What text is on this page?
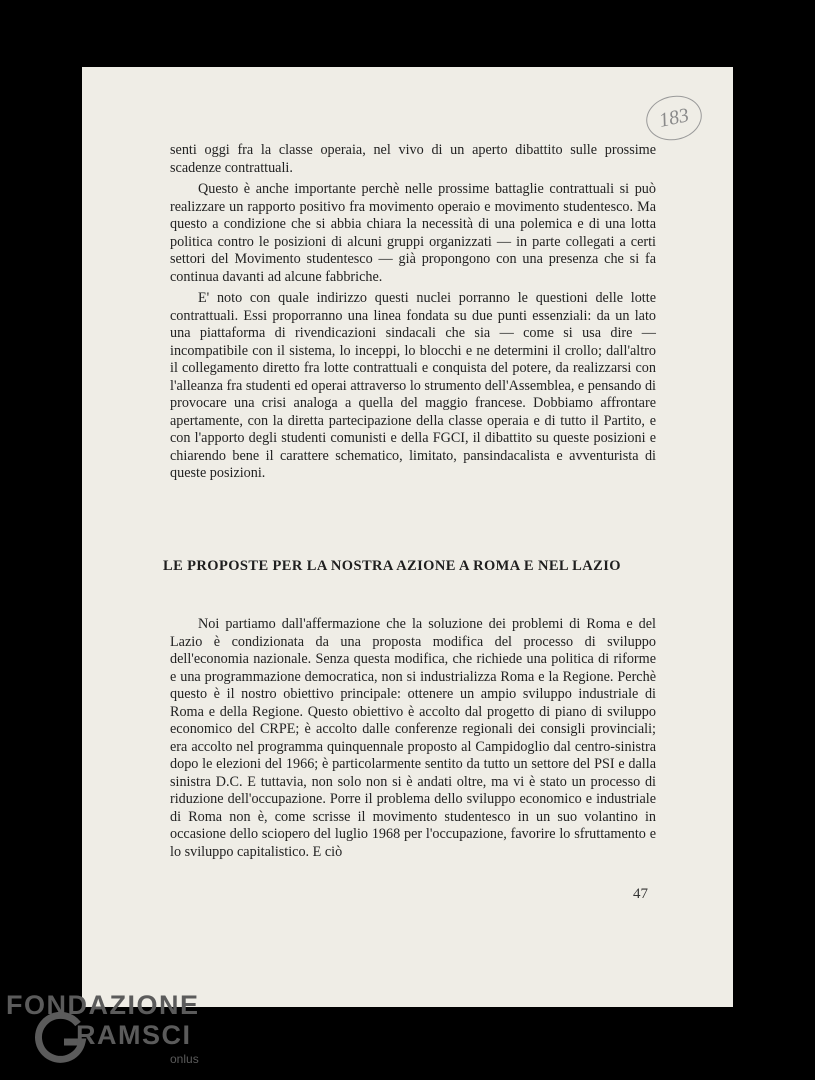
183

senti oggi fra la classe operaia, nel vivo di un aperto dibattito sulle prossime scadenze contrattuali.

Questo è anche importante perchè nelle prossime battaglie contrattuali si può realizzare un rapporto positivo fra movimento operaio e movimento studentesco. Ma questo a condizione che si abbia chiara la necessità di una polemica e di una lotta politica contro le posizioni di alcuni gruppi organizzati — in parte collegati a certi settori del Movimento studentesco — già propongono con una presenza che si fa continua davanti ad alcune fabbriche.

E' noto con quale indirizzo questi nuclei porranno le questioni delle lotte contrattuali. Essi proporranno una linea fondata su due punti essenziali: da un lato una piattaforma di rivendicazioni sindacali che sia — come si usa dire — incompatibile con il sistema, lo inceppi, lo blocchi e ne determini il crollo; dall'altro il collegamento diretto fra lotte contrattuali e conquista del potere, da realizzarsi con l'alleanza fra studenti ed operai attraverso lo strumento dell'Assemblea, e pensando di provocare una crisi analoga a quella del maggio francese. Dobbiamo affrontare apertamente, con la diretta partecipazione della classe operaia e di tutto il Partito, e con l'apporto degli studenti comunisti e della FGCI, il dibattito su queste posizioni e chiarendo bene il carattere schematico, limitato, pansindacalista e avventurista di queste posizioni.

LE PROPOSTE PER LA NOSTRA AZIONE A ROMA E NEL LAZIO

Noi partiamo dall'affermazione che la soluzione dei problemi di Roma e del Lazio è condizionata da una proposta modifica del processo di sviluppo dell'economia nazionale. Senza questa modifica, che richiede una politica di riforme e una programmazione democratica, non si industrializza Roma e la Regione. Perchè questo è il nostro obiettivo principale: ottenere un ampio sviluppo industriale di Roma e della Regione. Questo obiettivo è accolto dal progetto di piano di sviluppo economico del CRPE; è accolto dalle conferenze regionali dei consigli provinciali; era accolto nel programma quinquennale proposto al Campidoglio dal centro-sinistra dopo le elezioni del 1966; è particolarmente sentito da tutto un settore del PSI e dalla sinistra D.C. E tuttavia, non solo non si è andati oltre, ma vi è stato un processo di riduzione dell'occupazione. Porre il problema dello sviluppo economico e industriale di Roma non è, come scrisse il movimento studentesco in un suo volantino in occasione dello sciopero del luglio 1968 per l'occupazione, favorire lo sfruttamento e lo sviluppo capitalistico. E ciò

47
FONDAZIONE
RAMSCI
onlus
